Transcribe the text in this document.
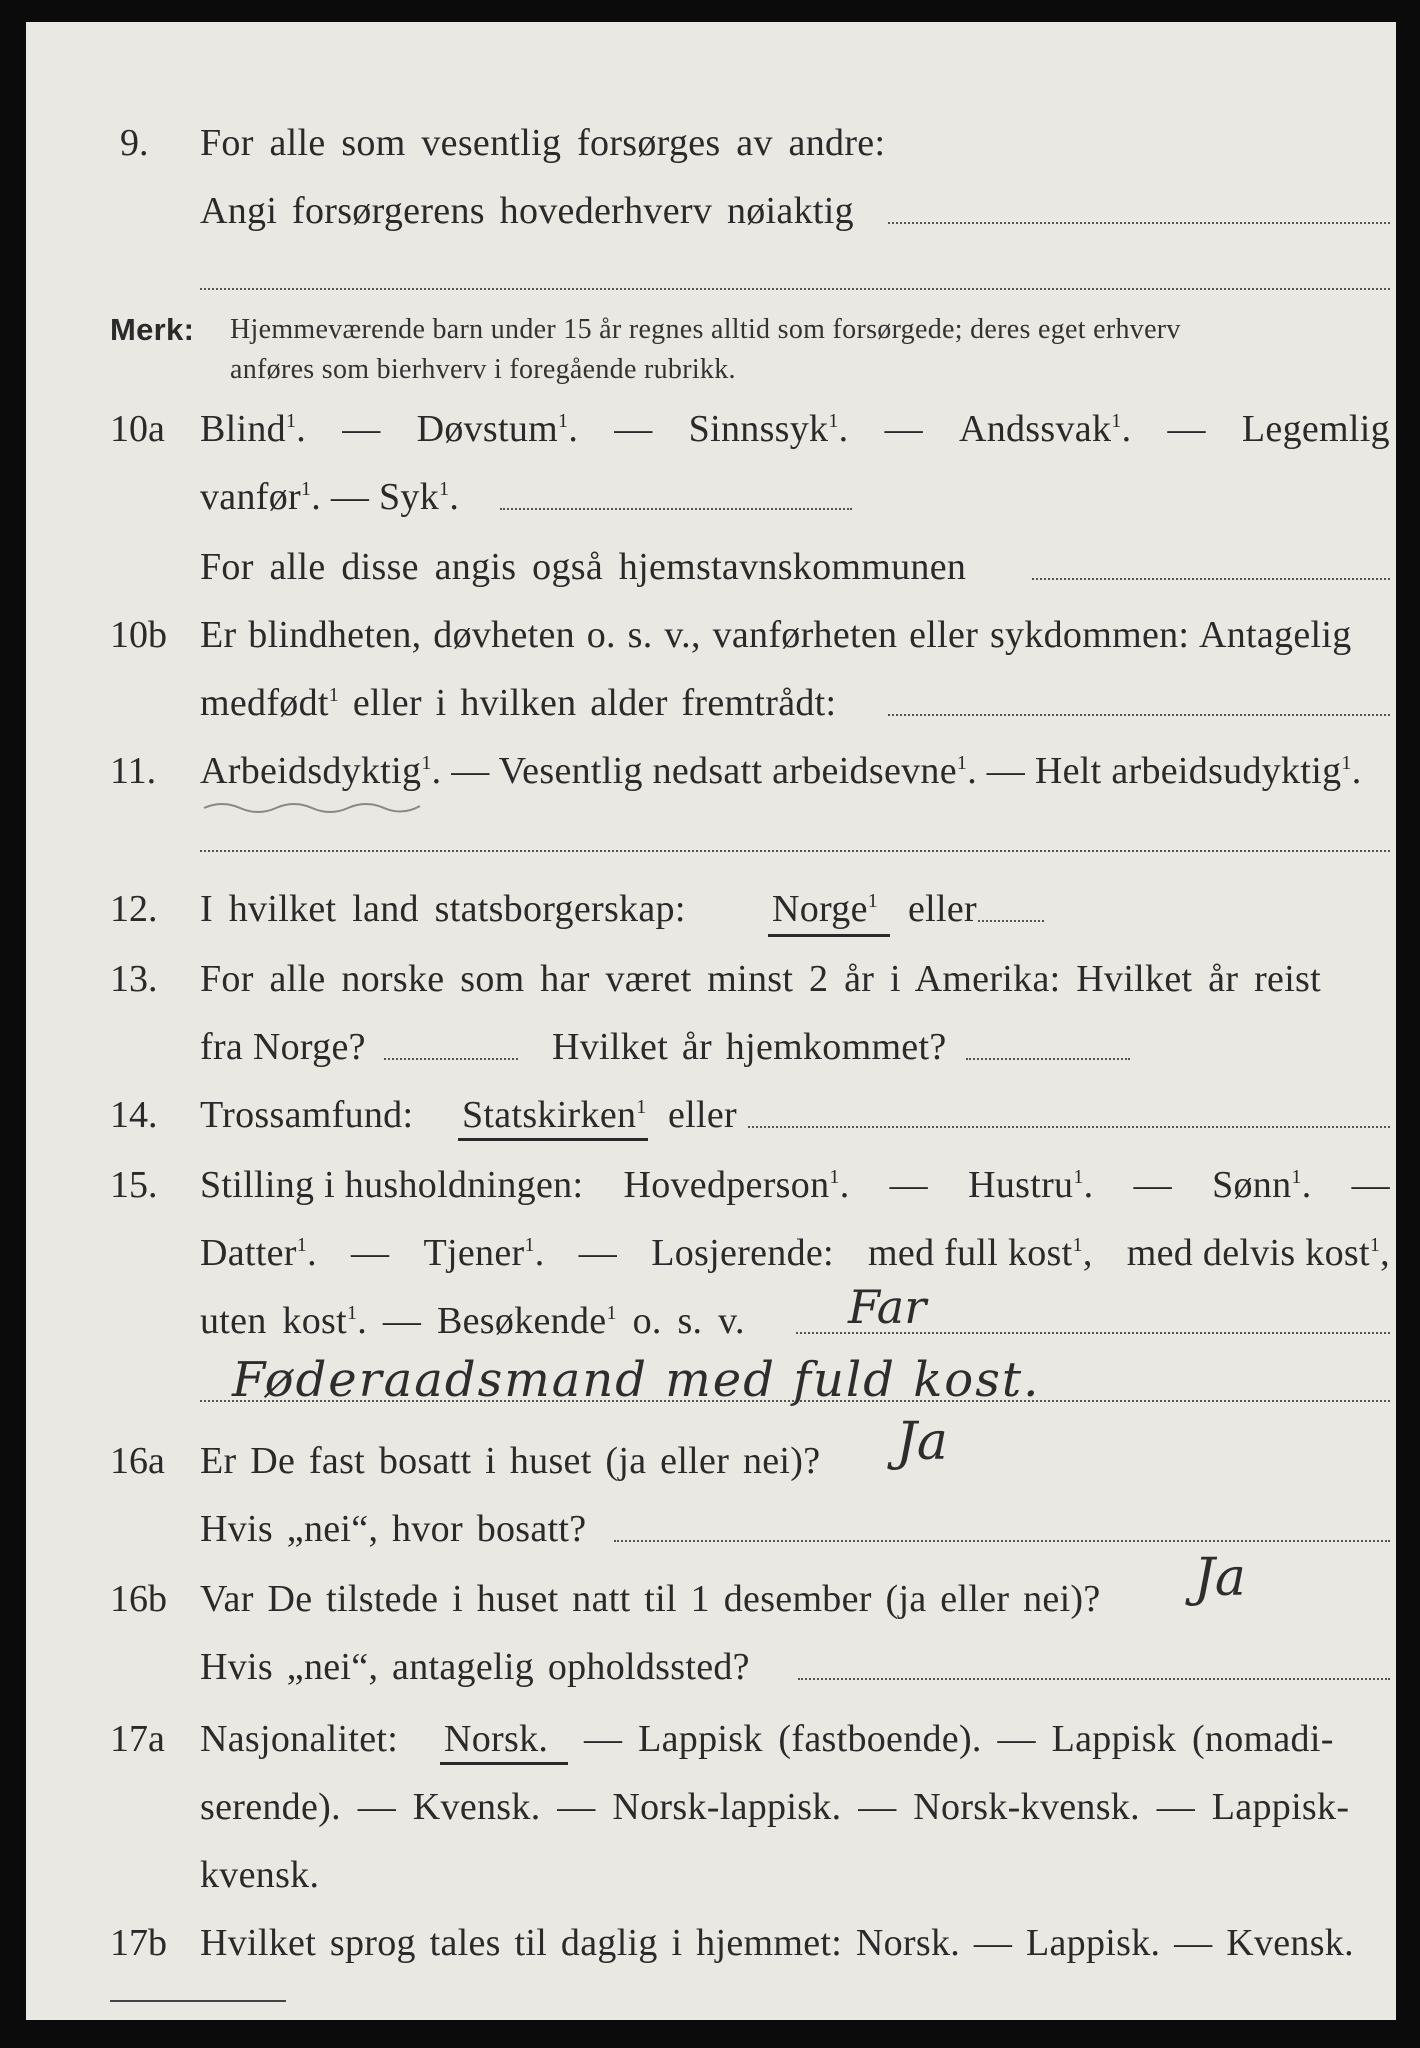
9. For alle som vesentlig forsørges av andre:
Angi forsørgerens hovederhverv nøiaktig
Merk: Hjemmeværende barn under 15 år regnes alltid som forsørgede; deres eget erhverv
anføres som bierhverv i foregående rubrikk.
10a Blind$^1$. — Døvstum$^1$. — Sinnssyk$^1$. — Andssvak$^1$. — Legemlig
vanfør$^1$. — Syk$^1$.
For alle disse angis også hjemstavnskommunen
10b Er blindheten, døvheten o. s. v., vanførheten eller sykdommen: Antagelig
medfødt$^1$ eller i hvilken alder fremtrådt:
11. Arbeidsdyktig$^1$. — Vesentlig nedsatt arbeidsevne$^1$. — Helt arbeidsudyktig$^1$.
12. I hvilket land statsborgerskap: Norge$^1$ eller
13. For alle norske som har været minst 2 år i Amerika: Hvilket år reist
fra Norge?	Hvilket år hjemkommet?
14. Trossamfund: Statskirken$^1$ eller
15. Stilling i husholdningen: Hovedperson$^1$. — Hustru$^1$. — Sønn$^1$. —
Datter$^1$. — Tjener$^1$. — Losjerende: med full kost$^1$, med delvis kost$^1$,
uten kost$^1$. — Besøkende$^1$ o. s. v. Far
Føderaadsmand med fuld kost.
16a Er De fast bosatt i huset (ja eller nei)? Ja
Hvis „nei“, hvor bosatt?
16b Var De tilstede i huset natt til 1 desember (ja eller nei)? Ja
Hvis „nei“, antagelig opholdssted?
17a Nasjonalitet: Norsk. — Lappisk (fastboende). — Lappisk (nomadi-
serende). — Kvensk. — Norsk-lappisk. — Norsk-kvensk. — Lappisk-
kvensk.
17b Hvilket sprog tales til daglig i hjemmet: Norsk. — Lappisk. — Kvensk.
